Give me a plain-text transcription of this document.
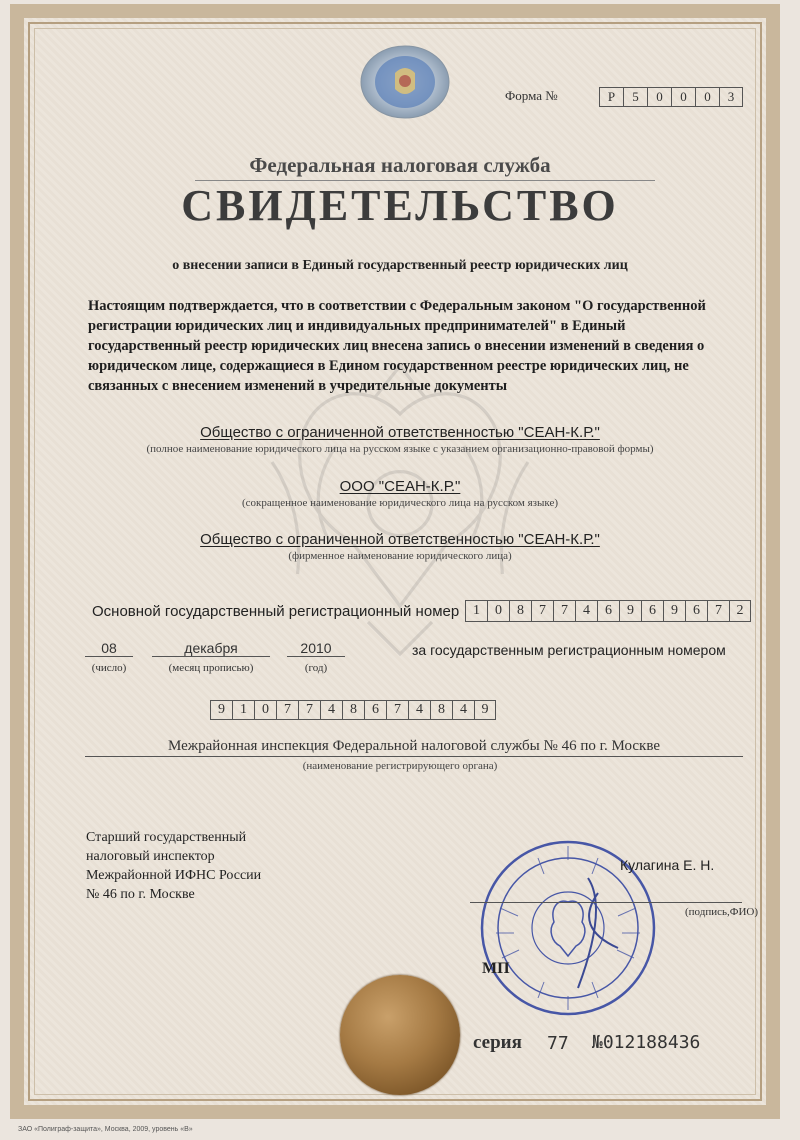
Форма №	Р	5	0	0	0	3
Федеральная налоговая служба
СВИДЕТЕЛЬСТВО
о внесении записи в Единый государственный реестр юридических лиц
Настоящим подтверждается, что в соответствии с Федеральным законом "О государственной регистрации юридических лиц и индивидуальных предпринимателей" в Единый государственный реестр юридических лиц внесена запись о внесении изменений в сведения о юридическом лице, содержащиеся в Едином государственном реестре юридических лиц, не связанных с внесением изменений в учредительные документы
Общество с ограниченной ответственностью "СЕАН-К.Р."
(полное наименование юридического лица на русском языке с указанием организационно-правовой формы)
ООО "СЕАН-К.Р."
(сокращенное наименование юридического лица на русском языке)
Общество с ограниченной ответственностью "СЕАН-К.Р."
(фирменное наименование юридического лица)
Основной государственный регистрационный номер 1	0	8	7	7	4	6	9	6	9	6	7	2
08
(число)
декабря
(месяц прописью)
2010
(год)
за государственным регистрационным номером
9	1	0	7	7	4	8	6	7	4	8	4	9
Межрайонная инспекция Федеральной налоговой службы № 46 по г. Москве
(наименование регистрирующего органа)
Старший государственный
налоговый инспектор
Межрайонной ИФНС России
№ 46 по г. Москве
Кулагина Е. Н.
(подпись,ФИО)
МП
серия 77 №012188436
ЗАО «Полиграф-защита», Москва, 2009, уровень «В»
